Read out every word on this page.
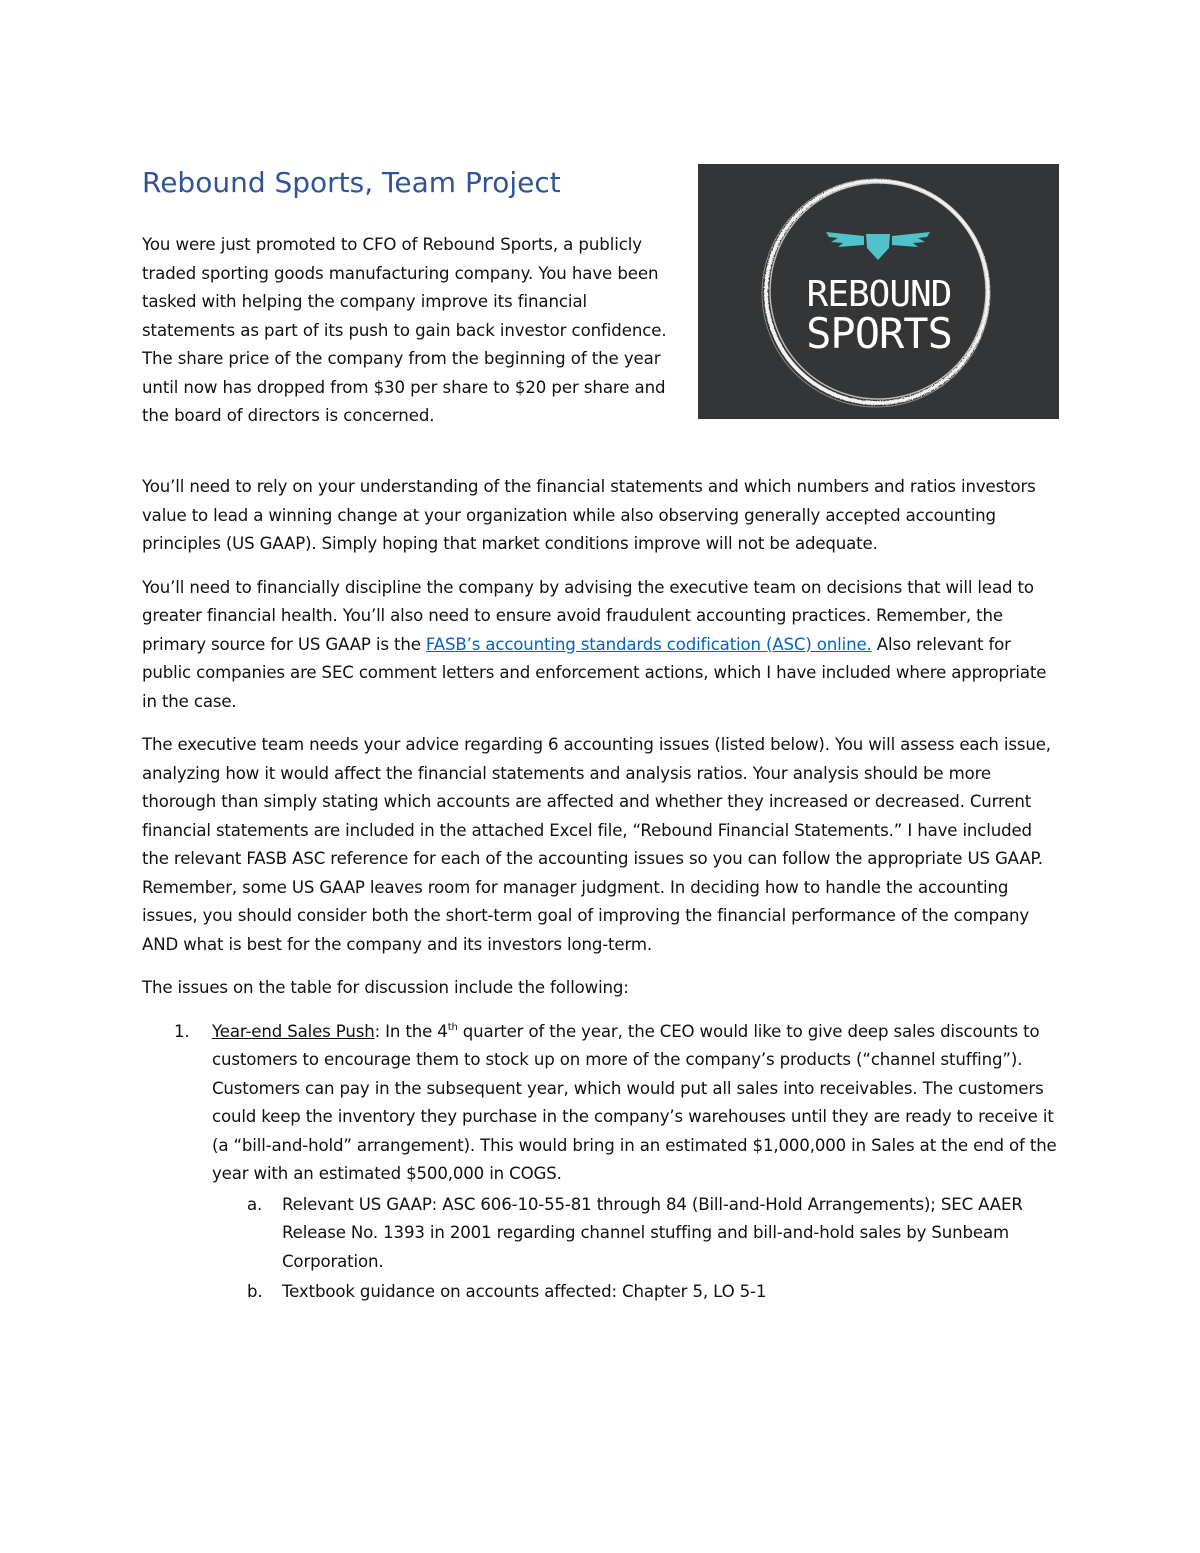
Rebound Sports, Team Project

You were just promoted to CFO of Rebound Sports, a publicly traded sporting goods manufacturing company. You have been tasked with helping the company improve its financial statements as part of its push to gain back investor confidence. The share price of the company from the beginning of the year until now has dropped from $30 per share to $20 per share and the board of directors is concerned.

REBOUND
SPORTS

You’ll need to rely on your understanding of the financial statements and which numbers and ratios investors value to lead a winning change at your organization while also observing generally accepted accounting principles (US GAAP). Simply hoping that market conditions improve will not be adequate.

You’ll need to financially discipline the company by advising the executive team on decisions that will lead to greater financial health. You’ll also need to ensure avoid fraudulent accounting practices. Remember, the primary source for US GAAP is the FASB’s accounting standards codification (ASC) online. Also relevant for public companies are SEC comment letters and enforcement actions, which I have included where appropriate in the case.

The executive team needs your advice regarding 6 accounting issues (listed below). You will assess each issue, analyzing how it would affect the financial statements and analysis ratios. Your analysis should be more thorough than simply stating which accounts are affected and whether they increased or decreased. Current financial statements are included in the attached Excel file, “Rebound Financial Statements.” I have included the relevant FASB ASC reference for each of the accounting issues so you can follow the appropriate US GAAP. Remember, some US GAAP leaves room for manager judgment. In deciding how to handle the accounting issues, you should consider both the short-term goal of improving the financial performance of the company AND what is best for the company and its investors long-term.

The issues on the table for discussion include the following:

1. Year-end Sales Push: In the 4th quarter of the year, the CEO would like to give deep sales discounts to customers to encourage them to stock up on more of the company’s products (“channel stuffing”). Customers can pay in the subsequent year, which would put all sales into receivables. The customers could keep the inventory they purchase in the company’s warehouses until they are ready to receive it (a “bill-and-hold” arrangement). This would bring in an estimated $1,000,000 in Sales at the end of the year with an estimated $500,000 in COGS.
a. Relevant US GAAP: ASC 606-10-55-81 through 84 (Bill-and-Hold Arrangements); SEC AAER Release No. 1393 in 2001 regarding channel stuffing and bill-and-hold sales by Sunbeam Corporation.
b. Textbook guidance on accounts affected: Chapter 5, LO 5-1
